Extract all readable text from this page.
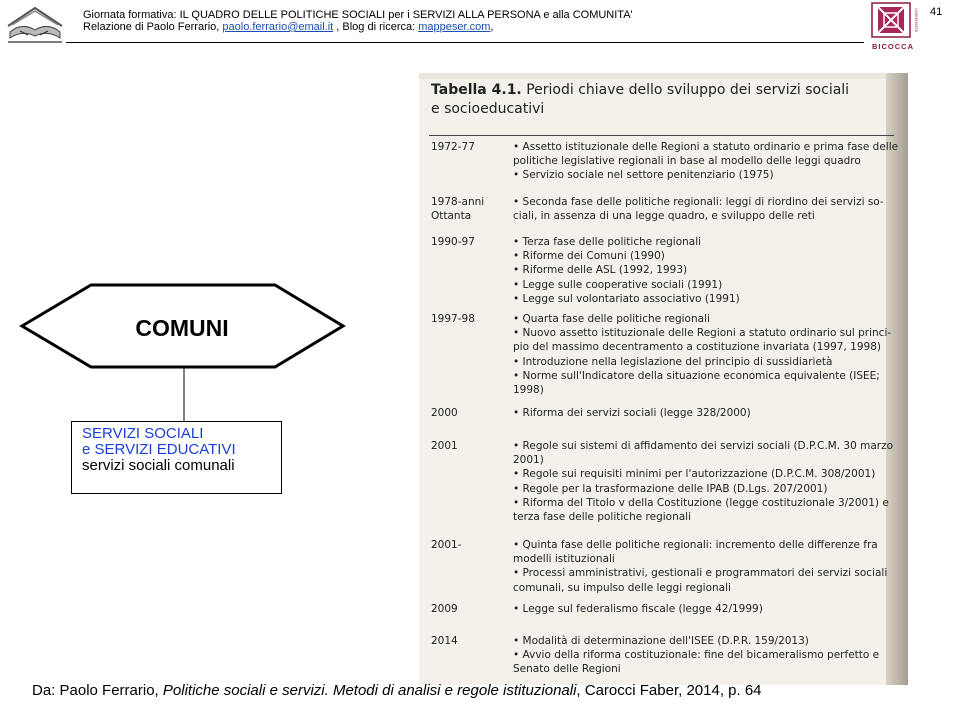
Giornata formativa: IL QUADRO DELLE POLITICHE SOCIALI per i SERVIZI ALLA PERSONA e alla COMUNITA'
Relazione di Paolo Ferrario, paolo.ferrario@email.it , Blog di ricerca: mappeser.com,	UNIVERSITÀ
BICOCCA
41
COMUNI
SERVIZI SOCIALI
e SERVIZI EDUCATIVI
servizi sociali comunali
Tabella 4.1. Periodi chiave dello sviluppo dei servizi sociali
e socioeducativi
1972-77	• Assetto istituzionale delle Regioni a statuto ordinario e prima fase delle
politiche legislative regionali in base al modello delle leggi quadro
• Servizio sociale nel settore penitenziario (1975)
1978-anni
Ottanta
• Seconda fase delle politiche regionali: leggi di riordino dei servizi so-
ciali, in assenza di una legge quadro, e sviluppo delle reti
1990-97	• Terza fase delle politiche regionali
• Riforme dei Comuni (1990)
• Riforme delle ASL (1992, 1993)
• Legge sulle cooperative sociali (1991)
• Legge sul volontariato associativo (1991)
1997-98	• Quarta fase delle politiche regionali
• Nuovo assetto istituzionale delle Regioni a statuto ordinario sul princi-
pio del massimo decentramento a costituzione invariata (1997, 1998)
• Introduzione nella legislazione del principio di sussidiarietà
• Norme sull'Indicatore della situazione economica equivalente (ISEE;
1998)
2000	• Riforma dei servizi sociali (legge 328/2000)
2001	• Regole sui sistemi di affidamento dei servizi sociali (D.P.C.M. 30 marzo
2001)
• Regole sui requisiti minimi per l'autorizzazione (D.P.C.M. 308/2001)
• Regole per la trasformazione delle IPAB (D.Lgs. 207/2001)
• Riforma del Titolo v della Costituzione (legge costituzionale 3/2001) e
terza fase delle politiche regionali
2001-	• Quinta fase delle politiche regionali: incremento delle differenze fra
modelli istituzionali
• Processi amministrativi, gestionali e programmatori dei servizi sociali
comunali, su impulso delle leggi regionali
2009	• Legge sul federalismo fiscale (legge 42/1999)
2014	• Modalità di determinazione dell'ISEE (D.P.R. 159/2013)
• Avvio della riforma costituzionale: fine del bicameralismo perfetto e
Senato delle Regioni
Da: Paolo Ferrario, Politiche sociali e servizi. Metodi di analisi e regole istituzionali, Carocci Faber, 2014, p. 64
